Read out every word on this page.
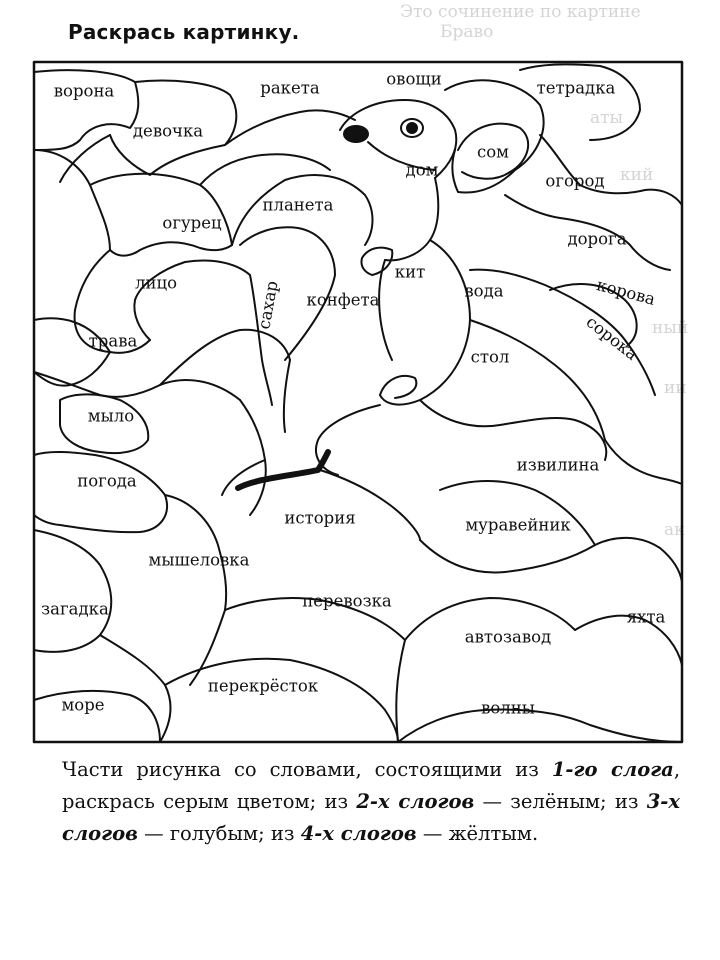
Это сочинение по картине
Браво
аты
кий
ный
ии
ак
Раскрась картинку.
ворона	ракета	овощи	тетрадка
девочка
сом
дом
огород
огурец
планета
дорога
лицо	сахар
кит
конфета	вода	корова
трава	сорока
стол
мыло
погода
извилина
история	муравейник
мышеловка
загадка	перевозка
яхта
автозавод
перекрёсток
море	волны

Части рисунка со словами, состоящими из 1-го слога, раскрась серым цветом; из 2-х слогов — зелёным; из 3-х слогов — голубым; из 4-х слогов — жёлтым.
